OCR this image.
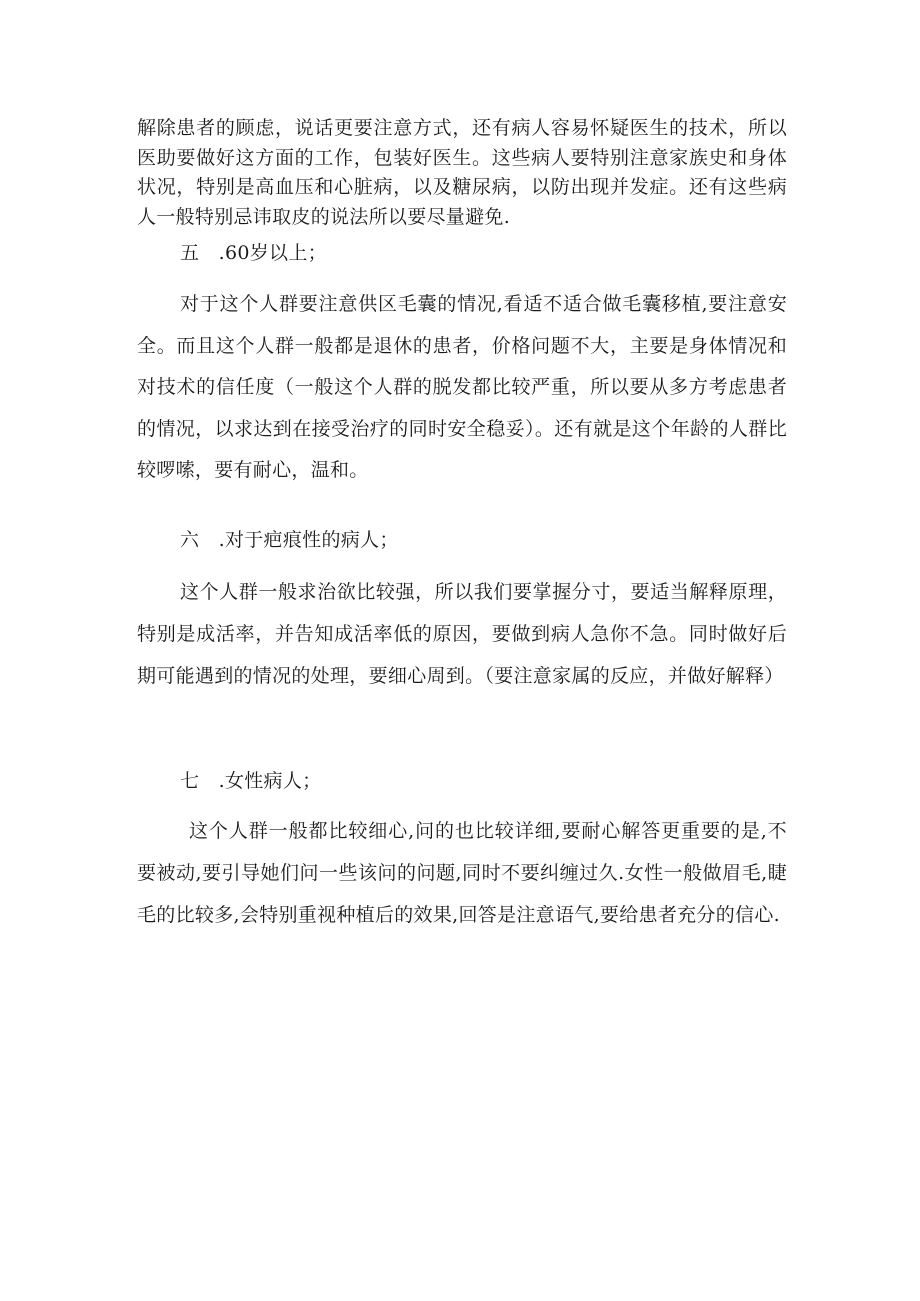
解除患者的顾虑，说话更要注意方式，还有病人容易怀疑医生的技术，所以医助要做好这方面的工作，包装好医生。这些病人要特别注意家族史和身体状况，特别是高血压和心脏病，以及糖尿病，以防出现并发症。还有这些病人一般特别忌讳取皮的说法所以要尽量避免.

五　.60岁以上；

对于这个人群要注意供区毛囊的情况,看适不适合做毛囊移植,要注意安全。而且这个人群一般都是退休的患者，价格问题不大，主要是身体情况和对技术的信任度（一般这个人群的脱发都比较严重，所以要从多方考虑患者的情况，以求达到在接受治疗的同时安全稳妥）。还有就是这个年龄的人群比较啰嗦，要有耐心，温和。

六　.对于疤痕性的病人；

这个人群一般求治欲比较强，所以我们要掌握分寸，要适当解释原理，特别是成活率，并告知成活率低的原因，要做到病人急你不急。同时做好后期可能遇到的情况的处理，要细心周到。（要注意家属的反应，并做好解释）

七　.女性病人；

这个人群一般都比较细心,问的也比较详细,要耐心解答更重要的是,不要被动,要引导她们问一些该问的问题,同时不要纠缠过久.女性一般做眉毛,睫毛的比较多,会特别重视种植后的效果,回答是注意语气,要给患者充分的信心.
